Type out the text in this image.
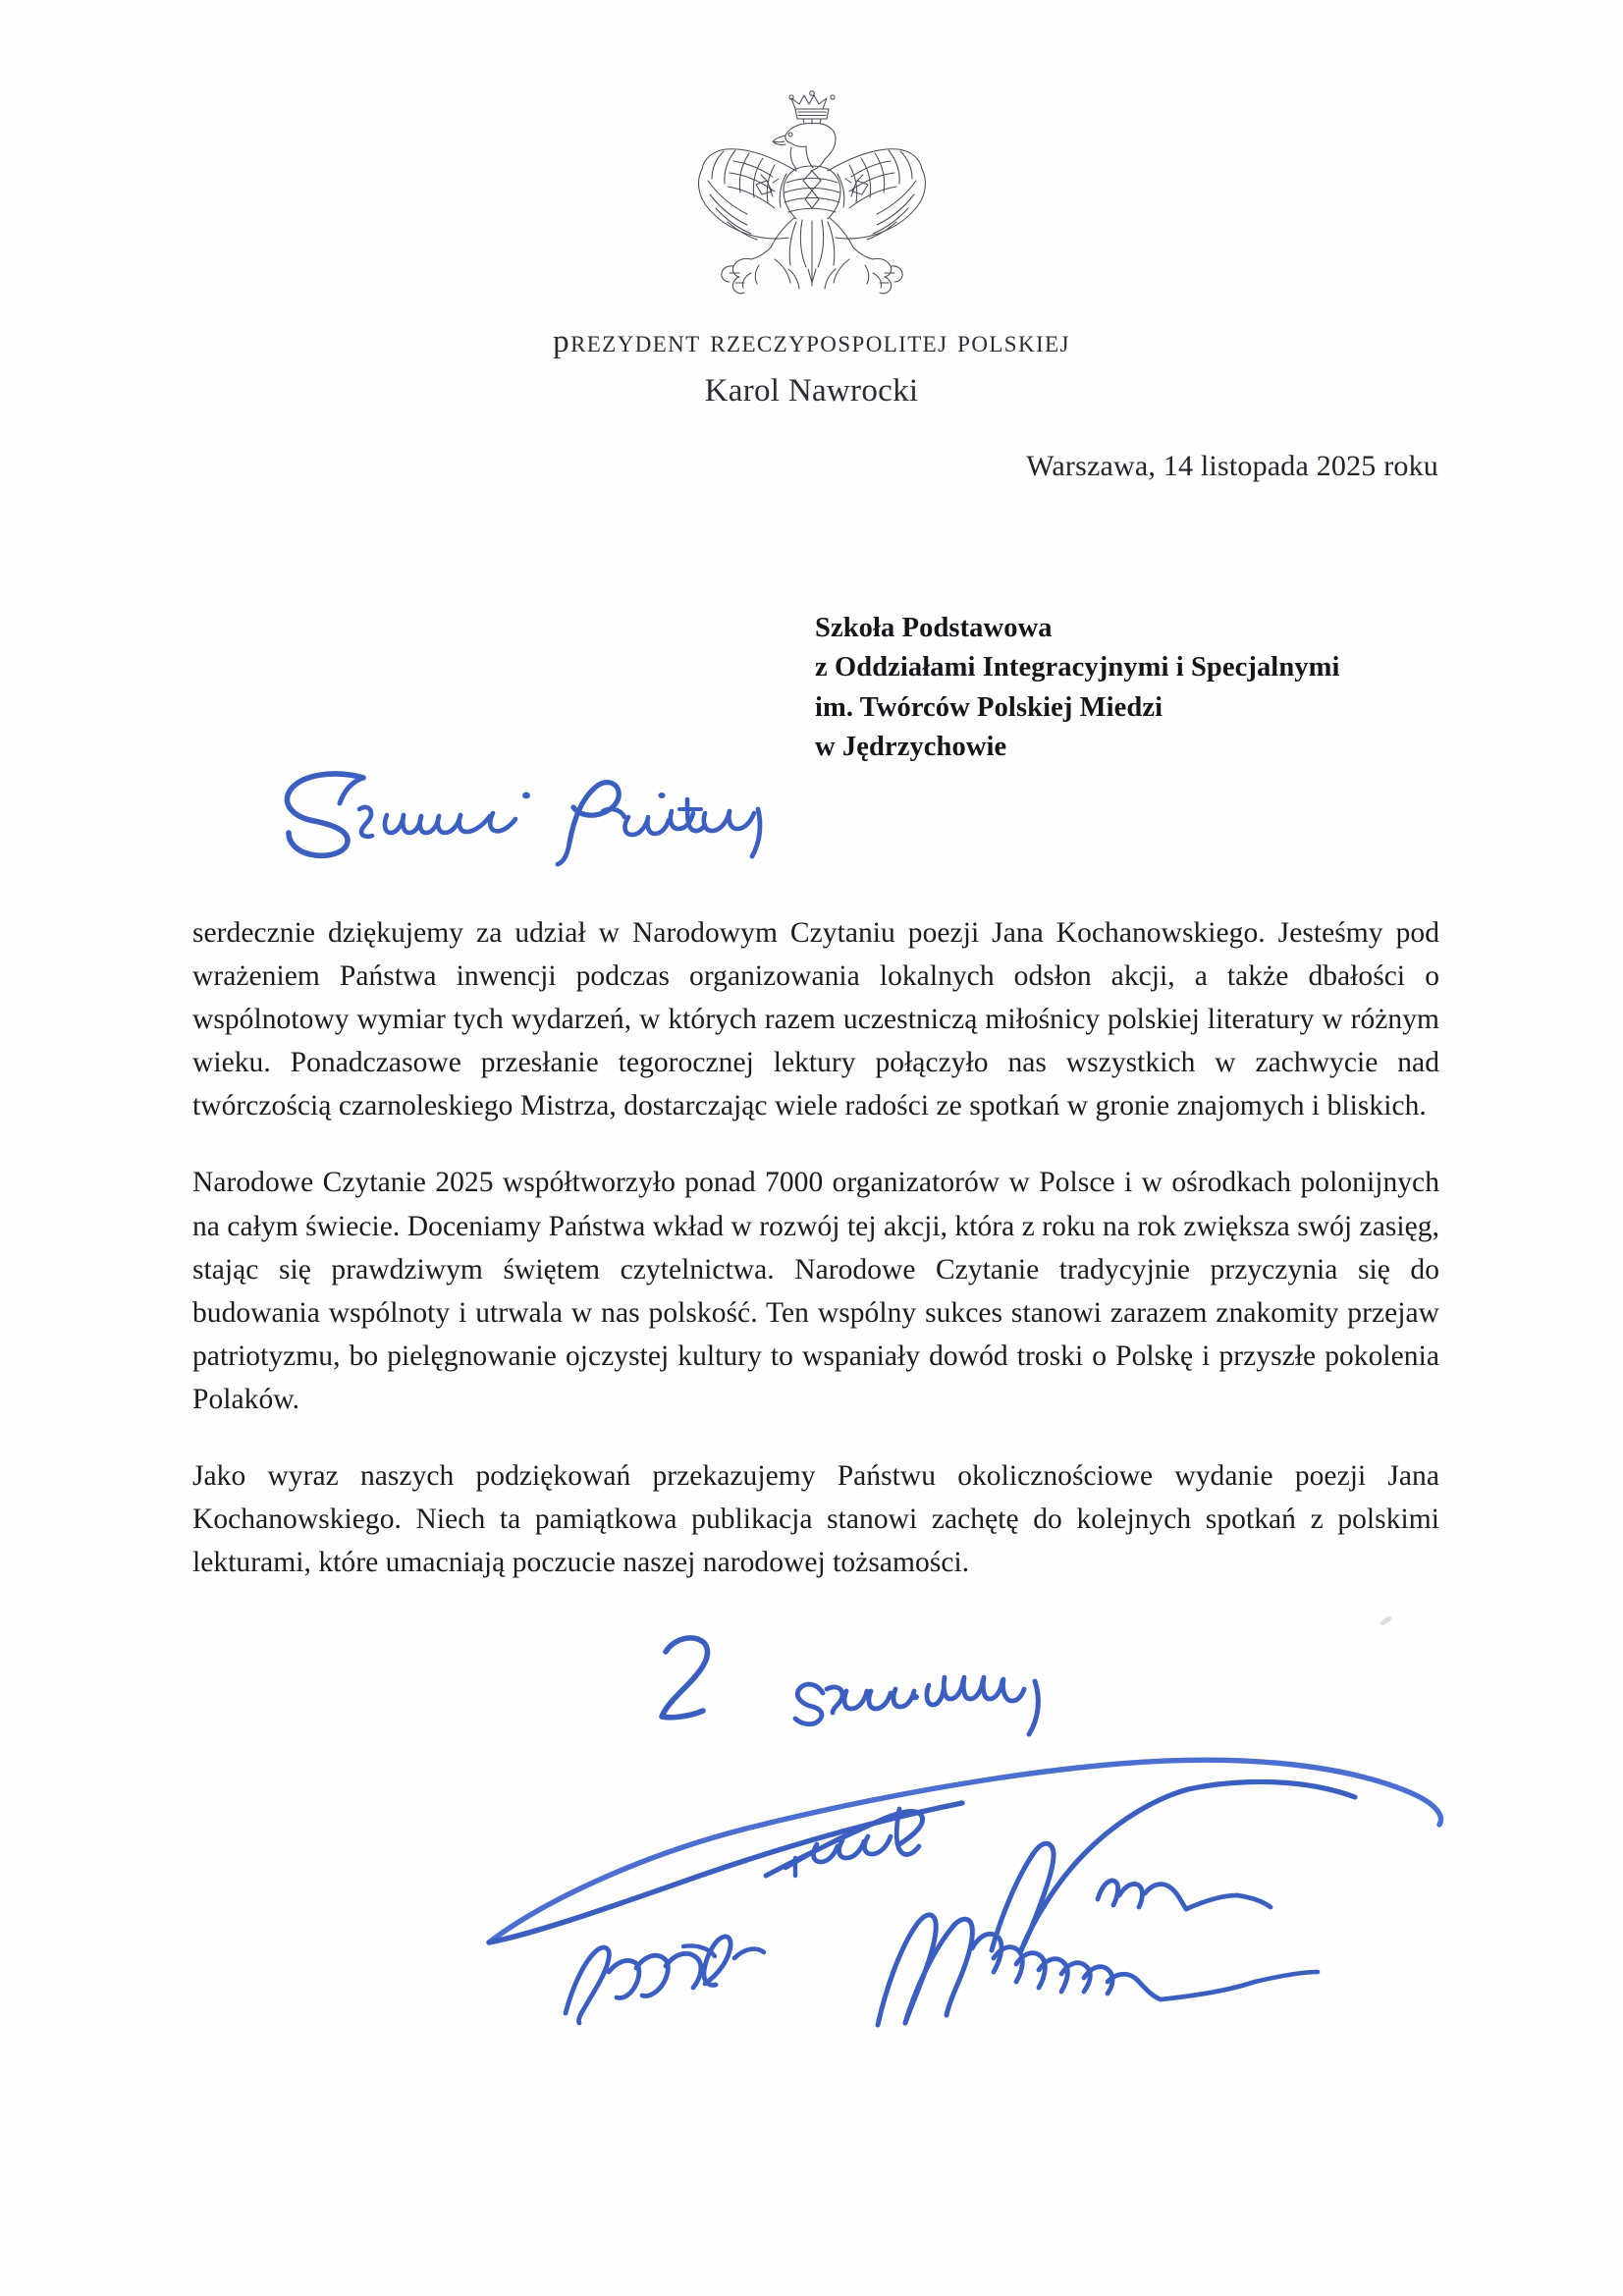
prezydent rzeczypospolitej polskiej
Karol Nawrocki
Warszawa, 14 listopada 2025 roku
Szkoła Podstawowa
z Oddziałami Integracyjnymi i Specjalnymi
im. Twórców Polskiej Miedzi
w Jędrzychowie

serdecznie dziękujemy za udział w Narodowym Czytaniu poezji Jana Kochanowskiego. Jesteśmy pod wrażeniem Państwa inwencji podczas organizowania lokalnych odsłon akcji, a także dbałości o wspólnotowy wymiar tych wydarzeń, w których razem uczestniczą miłośnicy polskiej literatury w różnym wieku. Ponadczasowe przesłanie tegorocznej lektury połączyło nas wszystkich w zachwycie nad twórczością czarnoleskiego Mistrza, dostarczając wiele radości ze spotkań w gronie znajomych i bliskich.

Narodowe Czytanie 2025 współtworzyło ponad 7000 organizatorów w Polsce i w ośrodkach polonijnych na całym świecie. Doceniamy Państwa wkład w rozwój tej akcji, która z roku na rok zwiększa swój zasięg, stając się prawdziwym świętem czytelnictwa. Narodowe Czytanie tradycyjnie przyczynia się do budowania wspólnoty i utrwala w nas polskość. Ten wspólny sukces stanowi zarazem znakomity przejaw patriotyzmu, bo pielęgnowanie ojczystej kultury to wspaniały dowód troski o Polskę i przyszłe pokolenia Polaków.

Jako wyraz naszych podziękowań przekazujemy Państwu okolicznościowe wydanie poezji Jana Kochanowskiego. Niech ta pamiątkowa publikacja stanowi zachętę do kolejnych spotkań z polskimi lekturami, które umacniają poczucie naszej narodowej tożsamości.
